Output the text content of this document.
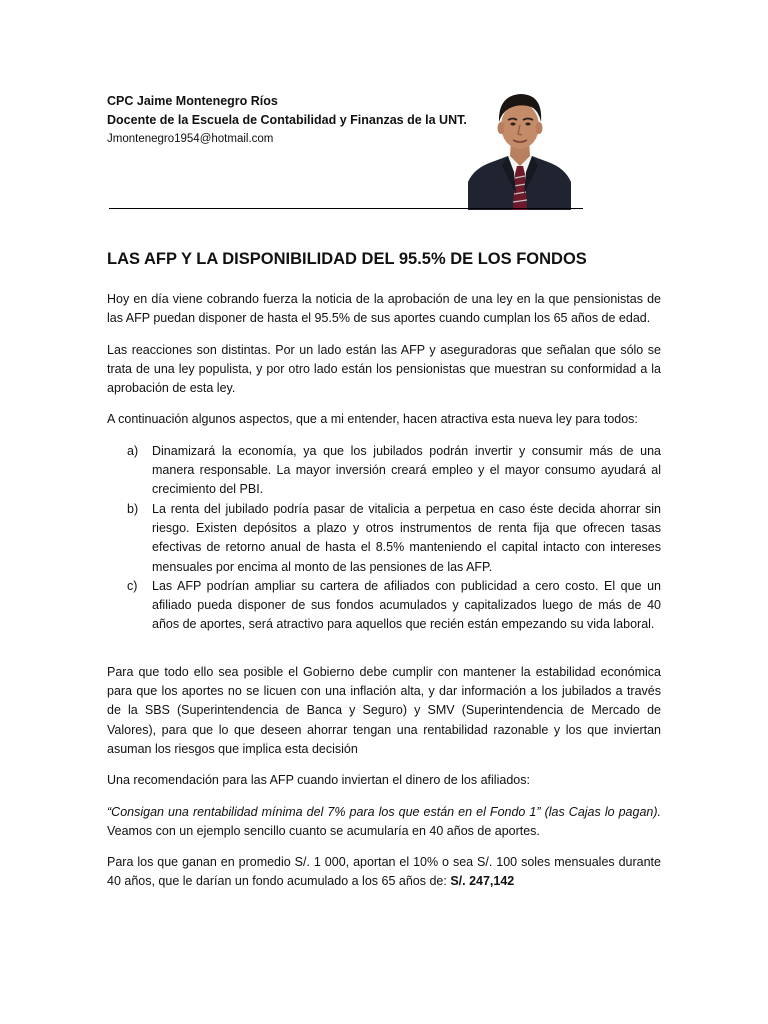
CPC Jaime Montenegro Ríos
Docente de la Escuela de Contabilidad y Finanzas de la UNT.
Jmontenegro1954@hotmail.com
LAS AFP Y LA DISPONIBILIDAD DEL 95.5% DE LOS FONDOS

Hoy en día viene cobrando fuerza la noticia de la aprobación de una ley en la que pensionistas de las AFP puedan disponer de hasta el 95.5% de sus aportes cuando cumplan los 65 años de edad.

Las reacciones son distintas. Por un lado están las AFP y aseguradoras que señalan que sólo se trata de una ley populista, y por otro lado están los pensionistas que muestran su conformidad a la aprobación de esta ley.

A continuación algunos aspectos, que a mi entender, hacen atractiva esta nueva ley para todos:

a) Dinamizará la economía, ya que los jubilados podrán invertir y consumir más de una manera responsable. La mayor inversión creará empleo y el mayor consumo ayudará al crecimiento del PBI.
b) La renta del jubilado podría pasar de vitalicia a perpetua en caso éste decida ahorrar sin riesgo. Existen depósitos a plazo y otros instrumentos de renta fija que ofrecen tasas efectivas de retorno anual de hasta el 8.5% manteniendo el capital intacto con intereses mensuales por encima al monto de las pensiones de las AFP.
c) Las AFP podrían ampliar su cartera de afiliados con publicidad a cero costo. El que un afiliado pueda disponer de sus fondos acumulados y capitalizados luego de más de 40 años de aportes, será atractivo para aquellos que recién están empezando su vida laboral.

Para que todo ello sea posible el Gobierno debe cumplir con mantener la estabilidad económica para que los aportes no se licuen con una inflación alta, y dar información a los jubilados a través de la SBS (Superintendencia de Banca y Seguro) y SMV (Superintendencia de Mercado de Valores), para que lo que deseen ahorrar tengan una rentabilidad razonable y los que inviertan asuman los riesgos que implica esta decisión

Una recomendación para las AFP cuando inviertan el dinero de los afiliados:

“Consigan una rentabilidad mínima del 7% para los que están en el Fondo 1” (las Cajas lo pagan). Veamos con un ejemplo sencillo cuanto se acumularía en 40 años de aportes.

Para los que ganan en promedio S/. 1 000, aportan el 10% o sea S/. 100 soles mensuales durante 40 años, que le darían un fondo acumulado a los 65 años de: S/. 247,142
